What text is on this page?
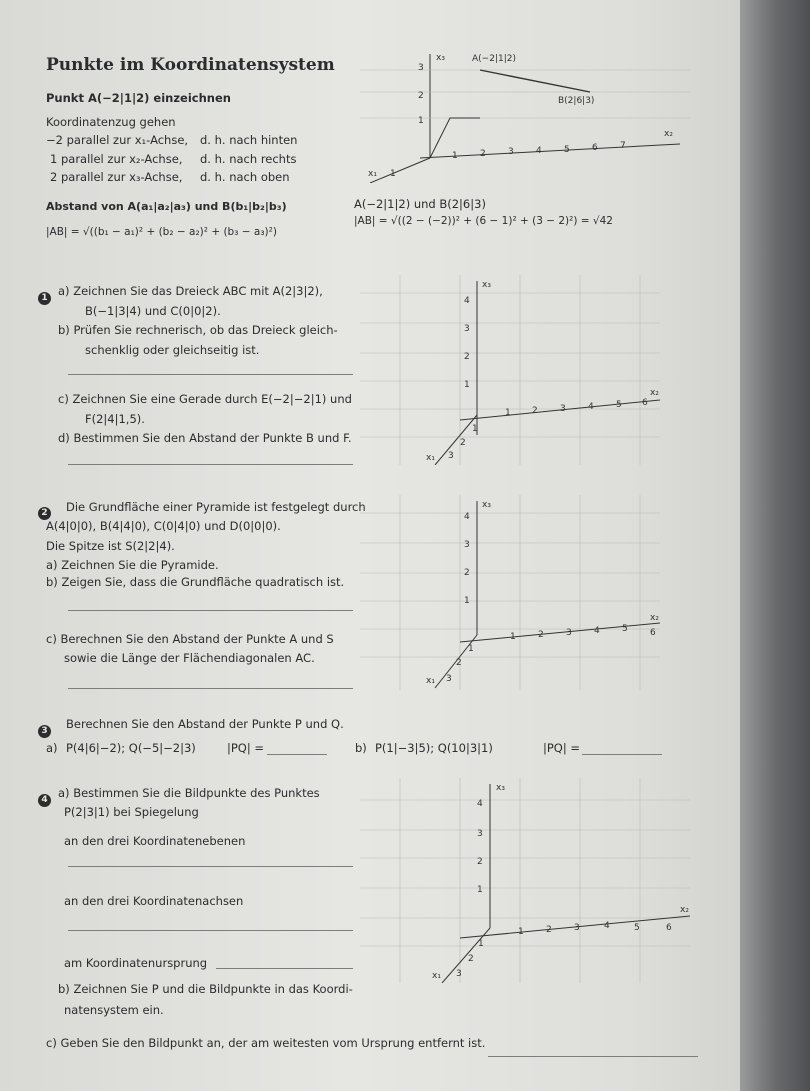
Punkte im Koordinatensystem
Punkt A(−2|1|2) einzeichnen
Koordinatenzug gehen
−2 parallel zur x₁-Achse, d. h. nach hinten
1 parallel zur x₂-Achse, d. h. nach rechts
2 parallel zur x₃-Achse, d. h. nach oben
Abstand von A(a₁|a₂|a₃) und B(b₁|b₂|b₃)
|AB| = √((b₁ − a₁)² + (b₂ − a₂)² + (b₃ − a₃)²)
A(−2|1|2) und B(2|6|3)
|AB| = √((2 − (−2))² + (6 − 1)² + (3 − 2)²) = √42
3
2
1
x₃
x₂
x₁ 1
1 2 3 4 5 6 7
A(−2|1|2)
B(2|6|3)
1 a) Zeichnen Sie das Dreieck ABC mit A(2|3|2),
B(−1|3|4) und C(0|0|2).
b) Prüfen Sie rechnerisch, ob das Dreieck gleich-
schenklig oder gleichseitig ist.
c) Zeichnen Sie eine Gerade durch E(−2|−2|1) und
F(2|4|1,5).
d) Bestimmen Sie den Abstand der Punkte B und F.
x₃
4
3
2
1
x₂
1 2 3 4 5 6
1
2
3
x₁
2 Die Grundfläche einer Pyramide ist festgelegt durch
A(4|0|0), B(4|4|0), C(0|4|0) und D(0|0|0).
Die Spitze ist S(2|2|4).
a) Zeichnen Sie die Pyramide.
b) Zeigen Sie, dass die Grundfläche quadratisch ist.
c) Berechnen Sie den Abstand der Punkte A und S
sowie die Länge der Flächendiagonalen AC.
x₃
4
3
2
1
x₂
1 2 3 4 5 6
1
2
3
x₁
3 Berechnen Sie den Abstand der Punkte P und Q.
a) P(4|6|−2); Q(−5|−2|3)	|PQ| =	b) P(1|−3|5); Q(10|3|1)	|PQ| =
4 a) Bestimmen Sie die Bildpunkte des Punktes
P(2|3|1) bei Spiegelung
an den drei Koordinatenebenen
an den drei Koordinatenachsen
am Koordinatenursprung
b) Zeichnen Sie P und die Bildpunkte in das Koordi-
natensystem ein.
c) Geben Sie den Bildpunkt an, der am weitesten vom Ursprung entfernt ist.
x₃
4
3
2
1
x₂
1 2 3	4	5	6
1
2
3
x₁
